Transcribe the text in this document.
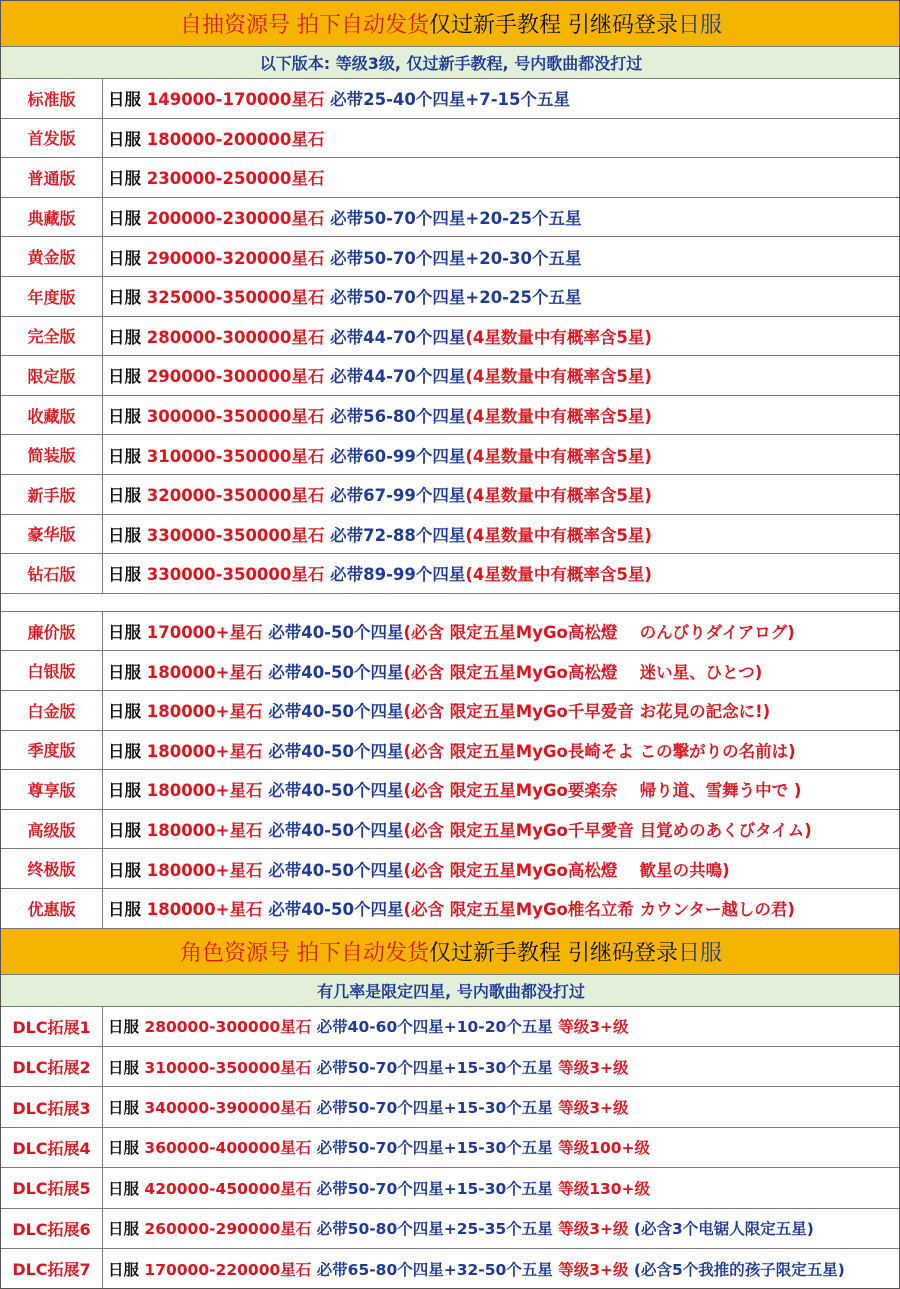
自抽资源号 拍下自动发货 仅过新手教程 引继码登录 日服
以下版本: 等级3级, 仅过新手教程, 号内歌曲都没打过
标准版	日服 149000-170000星石 必带25-40个四星+7-15个五星
首发版	日服 180000-200000星石
普通版	日服 230000-250000星石
典藏版	日服 200000-230000星石 必带50-70个四星+20-25个五星
黄金版	日服 290000-320000星石 必带50-70个四星+20-30个五星
年度版	日服 325000-350000星石 必带50-70个四星+20-25个五星
完全版	日服 280000-300000星石 必带44-70个四星(4星数量中有概率含5星)
限定版	日服 290000-300000星石 必带44-70个四星(4星数量中有概率含5星)
收藏版	日服 300000-350000星石 必带56-80个四星(4星数量中有概率含5星)
简装版	日服 310000-350000星石 必带60-99个四星(4星数量中有概率含5星)
新手版	日服 320000-350000星石 必带67-99个四星(4星数量中有概率含5星)
豪华版	日服 330000-350000星石 必带72-88个四星(4星数量中有概率含5星)
钻石版	日服 330000-350000星石 必带89-99个四星(4星数量中有概率含5星)
廉价版	日服 170000+星石 必带40-50个四星(必含 限定五星MyGo高松燈　 のんびりダイアログ)
白银版	日服 180000+星石 必带40-50个四星(必含 限定五星MyGo高松燈　 迷い星、ひとつ)
白金版	日服 180000+星石 必带40-50个四星(必含 限定五星MyGo千早爱音 お花見の記念に!)
季度版	日服 180000+星石 必带40-50个四星(必含 限定五星MyGo長崎そよ この撃がりの名前は)
尊享版	日服 180000+星石 必带40-50个四星(必含 限定五星MyGo要楽奈　 帰り道、雪舞う中で )
高级版	日服 180000+星石 必带40-50个四星(必含 限定五星MyGo千早愛音 目覚めのあくびタイム)
终极版	日服 180000+星石 必带40-50个四星(必含 限定五星MyGo高松燈　 歓星の共鳴)
优惠版	日服 180000+星石 必带40-50个四星(必含 限定五星MyGo椎名立希 カウンター越しの君)
角色资源号 拍下自动发货 仅过新手教程 引继码登录 日服
有几率是限定四星, 号内歌曲都没打过
DLC拓展1	日服 280000-300000星石 必带40-60个四星+10-20个五星 等级3+级
DLC拓展2	日服 310000-350000星石 必带50-70个四星+15-30个五星 等级3+级
DLC拓展3	日服 340000-390000星石 必带50-70个四星+15-30个五星 等级3+级
DLC拓展4	日服 360000-400000星石 必带50-70个四星+15-30个五星 等级100+级
DLC拓展5	日服 420000-450000星石 必带50-70个四星+15-30个五星 等级130+级
DLC拓展6	日服 260000-290000星石 必带50-80个四星+25-35个五星 等级3+级 (必含3个电锯人限定五星)
DLC拓展7	日服 170000-220000星石 必带65-80个四星+32-50个五星 等级3+级 (必含5个我推的孩子限定五星)
